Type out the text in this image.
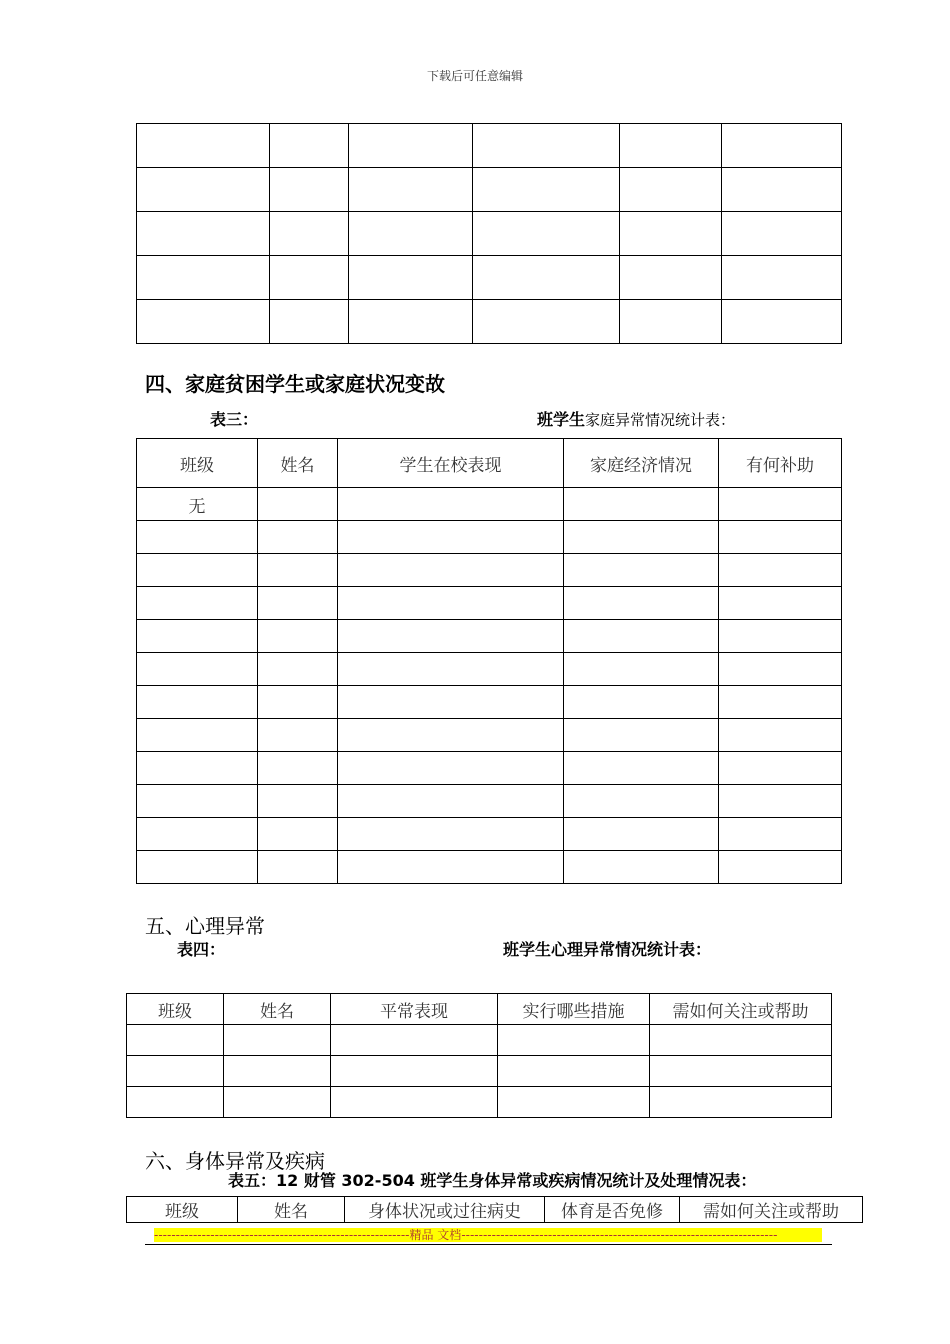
下载后可任意编辑

四、家庭贫困学生或家庭状况变故
表三：	班学生家庭异常情况统计表：
班级	姓名	学生在校表现	家庭经济情况	有何补助
无				

五、心理异常
表四：	班学生心理异常情况统计表：
班级	姓名	平常表现	实行哪些措施	需如何关注或帮助

六、身体异常及疾病
表五：12 财管 302-504 班学生身体异常或疾病情况统计及处理情况表：
班级	姓名	身体状况或过往病史	体育是否免修	需如何关注或帮助
-----------------------------------------------------------精品 文档-------------------------------------------------------------------------
